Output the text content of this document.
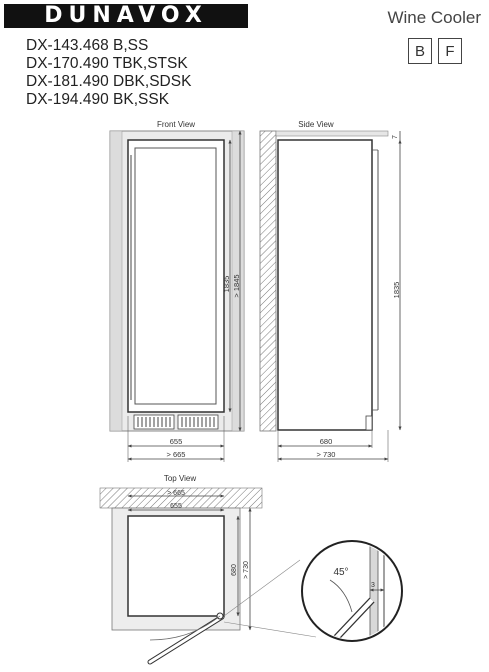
DUNAVOX	Wine Cooler
B	F
DX-143.468 B,SS
DX-170.490 TBK,STSK
DX-181.490 DBK,SDSK
DX-194.490 BK,SSK
Front View
1835 > 1845
655
> 665
Side View
7
1835
680
> 730
Top View
> 665
655
680 > 730	45°
3
